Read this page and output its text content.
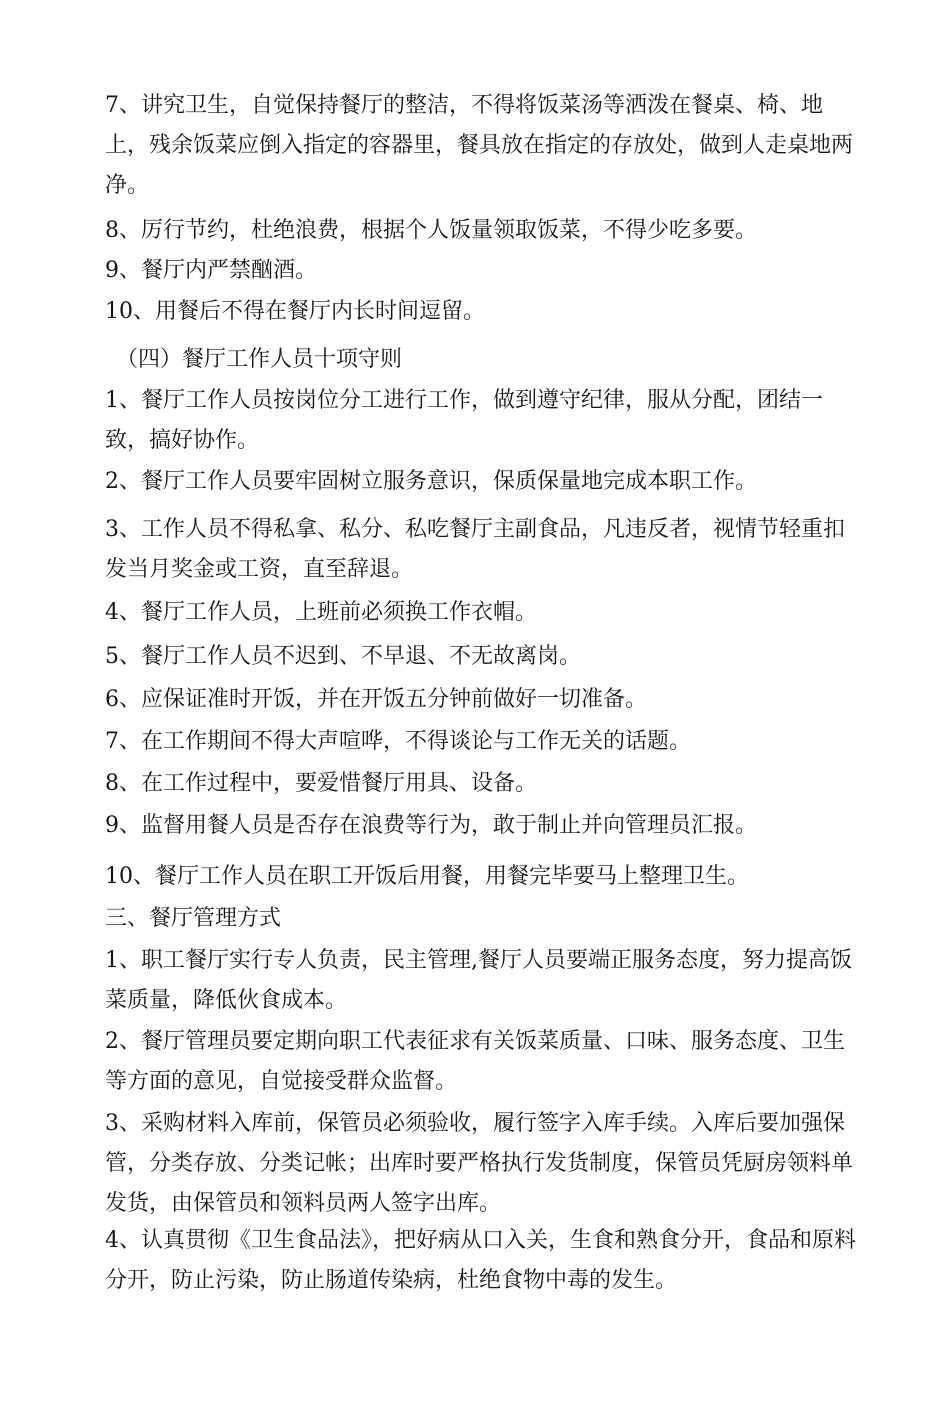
7、讲究卫生，自觉保持餐厅的整洁，不得将饭菜汤等洒泼在餐桌、椅、地上，残余饭菜应倒入指定的容器里，餐具放在指定的存放处，做到人走桌地两净。

8、厉行节约，杜绝浪费，根据个人饭量领取饭菜，不得少吃多要。

9、餐厅内严禁酗酒。

10、用餐后不得在餐厅内长时间逗留。

（四）餐厅工作人员十项守则

1、餐厅工作人员按岗位分工进行工作，做到遵守纪律，服从分配，团结一致，搞好协作。

2、餐厅工作人员要牢固树立服务意识，保质保量地完成本职工作。

3、工作人员不得私拿、私分、私吃餐厅主副食品，凡违反者，视情节轻重扣发当月奖金或工资，直至辞退。

4、餐厅工作人员，上班前必须换工作衣帽。

5、餐厅工作人员不迟到、不早退、不无故离岗。

6、应保证准时开饭，并在开饭五分钟前做好一切准备。

7、在工作期间不得大声喧哗，不得谈论与工作无关的话题。

8、在工作过程中，要爱惜餐厅用具、设备。

9、监督用餐人员是否存在浪费等行为，敢于制止并向管理员汇报。

10、餐厅工作人员在职工开饭后用餐，用餐完毕要马上整理卫生。

三、餐厅管理方式

1、职工餐厅实行专人负责，民主管理,餐厅人员要端正服务态度，努力提高饭菜质量，降低伙食成本。

2、餐厅管理员要定期向职工代表征求有关饭菜质量、口味、服务态度、卫生等方面的意见，自觉接受群众监督。

3、采购材料入库前，保管员必须验收，履行签字入库手续。入库后要加强保管，分类存放、分类记帐；出库时要严格执行发货制度，保管员凭厨房领料单发货，由保管员和领料员两人签字出库。

4、认真贯彻《卫生食品法》，把好病从口入关，生食和熟食分开，食品和原料分开，防止污染，防止肠道传染病，杜绝食物中毒的发生。
